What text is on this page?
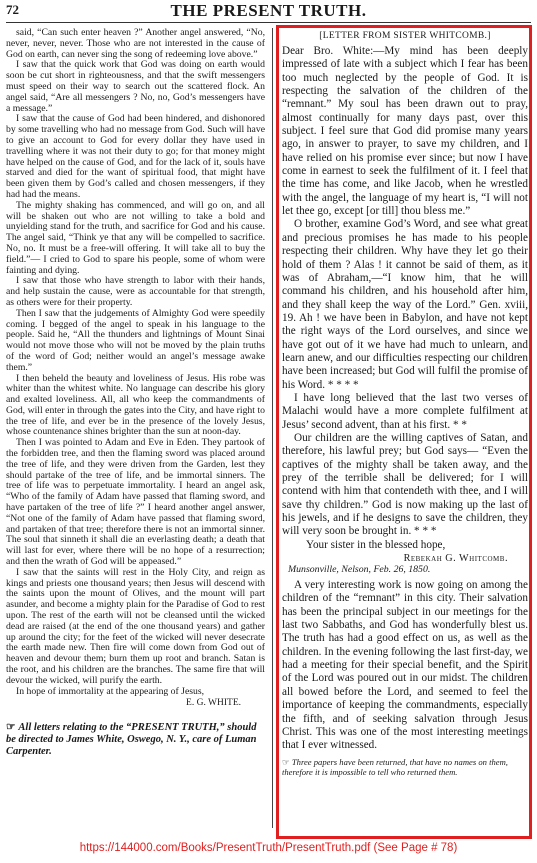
72	THE PRESENT TRUTH.

said, “Can such enter heaven ?” Another angel answered, “No, never, never, never. Those who are not interested in the cause of God on earth, can never sing the song of redeeming love above.”

I saw that the quick work that God was doing on earth would soon be cut short in righteousness, and that the swift messengers must speed on their way to search out the scattered flock. An angel said, “Are all messengers ? No, no, God’s messengers have a message.”

I saw that the cause of God had been hindered, and dishonored by some travelling who had no message from God. Such will have to give an account to God for every dollar they have used in travelling where it was not their duty to go; for that money might have helped on the cause of God, and for the lack of it, souls have starved and died for the want of spiritual food, that might have been given them by God’s called and chosen messengers, if they had had the means.

The mighty shaking has commenced, and will go on, and all will be shaken out who are not willing to take a bold and unyielding stand for the truth, and sacrifice for God and his cause. The angel said, “Think ye that any will be compelled to sacrifice. No, no. It must be a free-will offering. It will take all to buy the field.”— I cried to God to spare his people, some of whom were fainting and dying.

I saw that those who have strength to labor with their hands, and help sustain the cause, were as accountable for that strength, as others were for their property.

Then I saw that the judgements of Almighty God were speedily coming. I begged of the angel to speak in his language to the people. Said he, “All the thunders and lightnings of Mount Sinai would not move those who will not be moved by the plain truths of the word of God; neither would an angel’s message awake them.”

I then beheld the beauty and loveliness of Jesus. His robe was whiter than the whitest white. No language can describe his glory and exalted loveliness. All, all who keep the commandments of God, will enter in through the gates into the City, and have right to the tree of life, and ever be in the presence of the lovely Jesus, whose countenance shines brighter than the sun at noon-day.

Then I was pointed to Adam and Eve in Eden. They partook of the forbidden tree, and then the flaming sword was placed around the tree of life, and they were driven from the Garden, lest they should partake of the tree of life, and be immortal sinners. The tree of life was to perpetuate immortality. I heard an angel ask, “Who of the family of Adam have passed that flaming sword, and have partaken of the tree of life ?” I heard another angel answer, “Not one of the family of Adam have passed that flaming sword, and partaken of that tree; therefore there is not an immortal sinner. The soul that sinneth it shall die an everlasting death; a death that will last for ever, where there will be no hope of a resurrection; and then the wrath of God will be appeased.”

I saw that the saints will rest in the Holy City, and reign as kings and priests one thousand years; then Jesus will descend with the saints upon the mount of Olives, and the mount will part asunder, and become a mighty plain for the Paradise of God to rest upon. The rest of the earth will not be cleansed until the wicked dead are raised (at the end of the one thousand years) and gather up around the city; for the feet of the wicked will never desecrate the earth made new. Then fire will come down from God out of heaven and devour them; burn them up root and branch. Satan is the root, and his children are the branches. The same fire that will devour the wicked, will purify the earth.

In hope of immortality at the appearing of Jesus,

E. G. WHITE.
☞ All letters relating to the “PRESENT TRUTH,” should be directed to James White, Oswego, N. Y., care of Luman Carpenter.
[LETTER FROM SISTER WHITCOMB.]

Dear Bro. White:—My mind has been deeply impressed of late with a subject which I fear has been too much neglected by the people of God. It is respecting the salvation of the children of the “remnant.” My soul has been drawn out to pray, almost continually for many days past, over this subject. I feel sure that God did promise many years ago, in answer to prayer, to save my children, and I have relied on his promise ever since; but now I have come in earnest to seek the fulfilment of it. I feel that the time has come, and like Jacob, when he wrestled with the angel, the language of my heart is, “I will not let thee go, except [or till] thou bless me.”

O brother, examine God’s Word, and see what great and precious promises he has made to his people respecting their children. Why have they let go their hold of them ? Alas ! it cannot be said of them, as it was of Abraham,—“I know him, that he will command his children, and his household after him, and they shall keep the way of the Lord.” Gen. xviii, 19. Ah ! we have been in Babylon, and have not kept the right ways of the Lord ourselves, and since we have got out of it we have had much to unlearn, and learn anew, and our difficulties respecting our children have been increased; but God will fulfil the promise of his Word. * * * *

I have long believed that the last two verses of Malachi would have a more complete fulfilment at Jesus’ second advent, than at his first. * *

Our children are the willing captives of Satan, and therefore, his lawful prey; but God says— “Even the captives of the mighty shall be taken away, and the prey of the terrible shall be delivered; for I will contend with him that contendeth with thee, and I will save thy children.” God is now making up the last of his jewels, and if he designs to save the children, they will very soon be brought in. * * *

Your sister in the blessed hope,

Rebekah G. Whitcomb.

Munsonville, Nelson, Feb. 26, 1850.

A very interesting work is now going on among the children of the “remnant” in this city. Their salvation has been the principal subject in our meetings for the last two Sabbaths, and God has wonderfully blest us. The truth has had a good effect on us, as well as the children. In the evening following the last first-day, we had a meeting for their special benefit, and the Spirit of the Lord was poured out in our midst. The children all bowed before the Lord, and seemed to feel the importance of keeping the commandments, especially the fifth, and of seeking salvation through Jesus Christ. This was one of the most interesting meetings that I ever witnessed.

☞ Three papers have been returned, that have no names on them, therefore it is impossible to tell who returned them.

https://144000.com/Books/PresentTruth/PresentTruth.pdf (See Page # 78)
